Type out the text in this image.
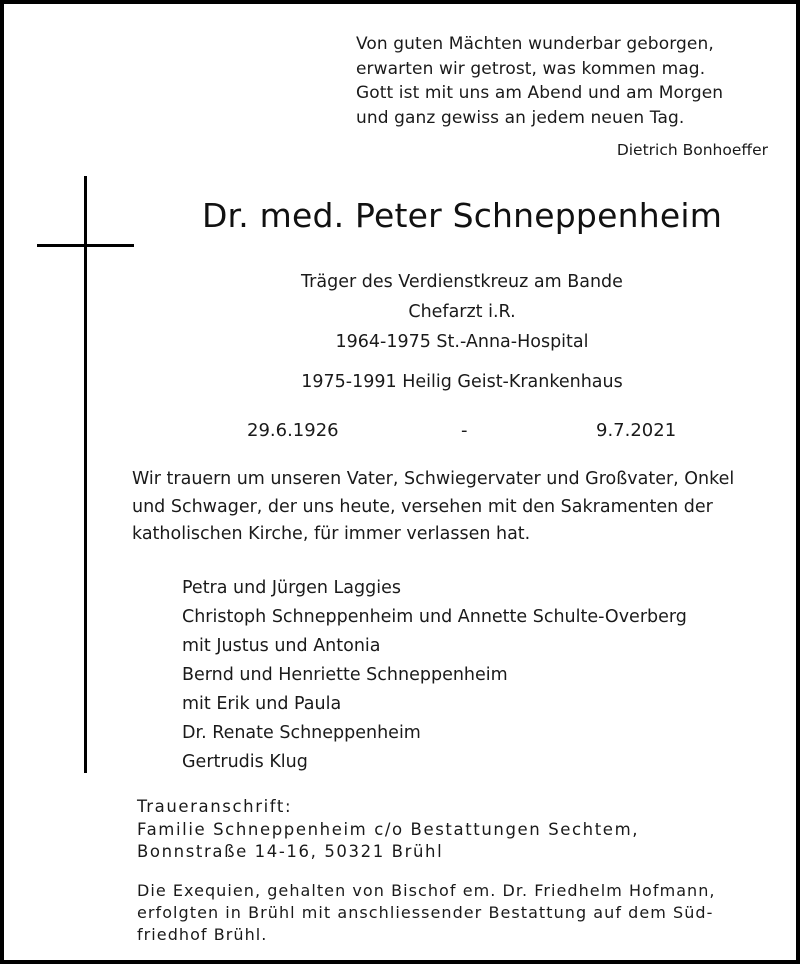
Von guten Mächten wunderbar geborgen,
erwarten wir getrost, was kommen mag.
Gott ist mit uns am Abend und am Morgen
und ganz gewiss an jedem neuen Tag.
Dietrich Bonhoeffer
Dr. med. Peter Schneppenheim
Träger des Verdienstkreuz am Bande
Chefarzt i.R.
1964-1975 St.-Anna-Hospital
1975-1991 Heilig Geist-Krankenhaus
29.6.1926	-	9.7.2021
Wir trauern um unseren Vater, Schwiegervater und Großvater, Onkel
und Schwager, der uns heute, versehen mit den Sakramenten der
katholischen Kirche, für immer verlassen hat.
Petra und Jürgen Laggies
Christoph Schneppenheim und Annette Schulte-Overberg
mit Justus und Antonia
Bernd und Henriette Schneppenheim
mit Erik und Paula
Dr. Renate Schneppenheim
Gertrudis Klug
Traueranschrift:
Familie Schneppenheim c/o Bestattungen Sechtem,
Bonnstraße 14-16, 50321 Brühl
Die Exequien, gehalten von Bischof em. Dr. Friedhelm Hofmann,
erfolgten in Brühl mit anschliessender Bestattung auf dem Süd-
friedhof Brühl.
